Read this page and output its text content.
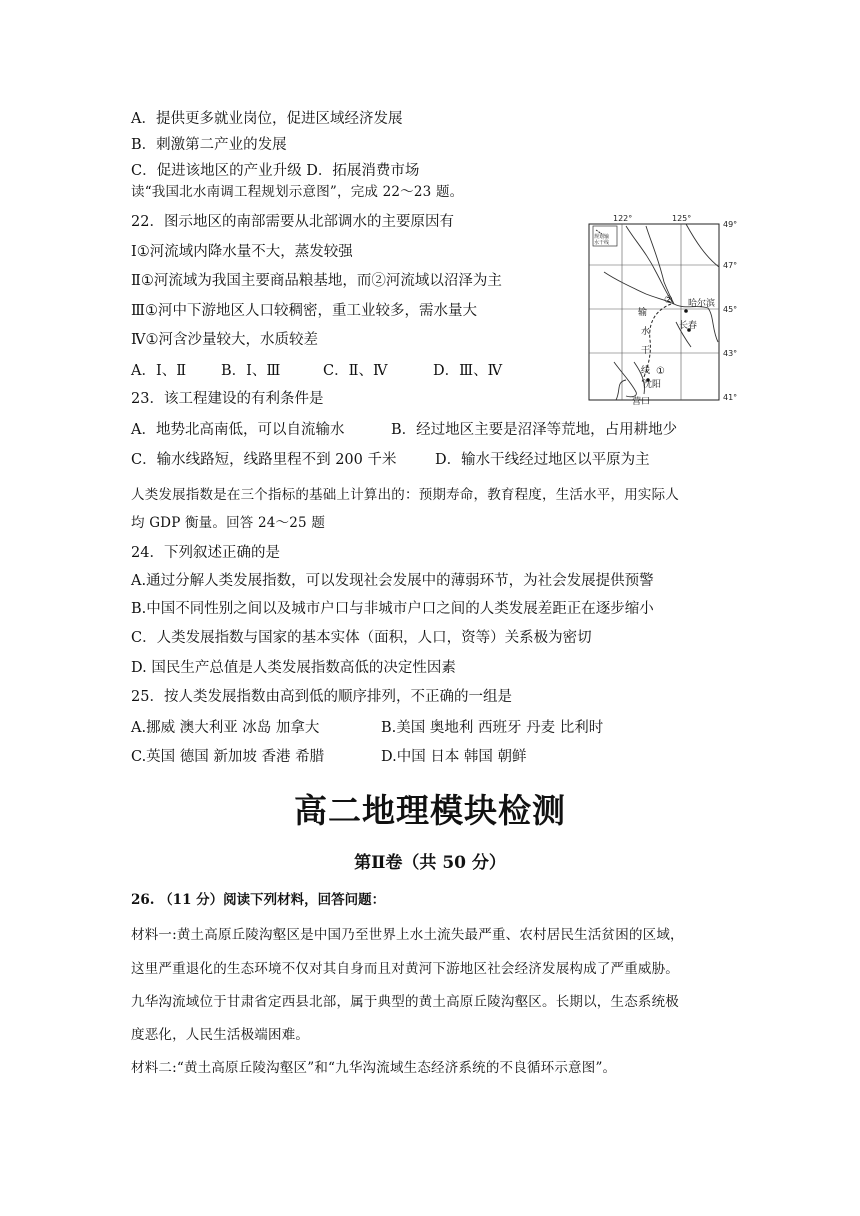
A．提供更多就业岗位，促进区域经济发展
B．刺激第二产业的发展
C．促进该地区的产业升级 D．拓展消费市场
读“我国北水南调工程规划示意图”，完成 22～23 题。
22．图示地区的南部需要从北部调水的主要原因有
Ⅰ①河流域内降水量不大，蒸发较强
Ⅱ①河流域为我国主要商品粮基地，而②河流域以沼泽为主
Ⅲ①河中下游地区人口较稠密，重工业较多，需水量大
Ⅳ①河含沙量较大，水质较差
A．Ⅰ、Ⅱ B．Ⅰ、Ⅲ	C．Ⅱ、Ⅳ	D．Ⅲ、Ⅳ
122°	125°
49°
47°
45°
43°
41°
规划输
水干线
哈尔滨
长春
沈阳
营口
输
水
干
线
②
①
23．该工程建设的有利条件是
A．地势北高南低，可以自流输水	B．经过地区主要是沼泽等荒地，占用耕地少
C．输水线路短，线路里程不到 200 千米	D．输水干线经过地区以平原为主
人类发展指数是在三个指标的基础上计算出的：预期寿命，教育程度，生活水平，用实际人
均 GDP 衡量。回答 24～25 题
24．下列叙述正确的是
A.通过分解人类发展指数，可以发现社会发展中的薄弱环节，为社会发展提供预警
B.中国不同性别之间以及城市户口与非城市户口之间的人类发展差距正在逐步缩小
C．人类发展指数与国家的基本实体（面积，人口，资等）关系极为密切
D. 国民生产总值是人类发展指数高低的决定性因素
25．按人类发展指数由高到低的顺序排列，不正确的一组是
A.挪威 澳大利亚 冰岛 加拿大	B.美国 奥地利 西班牙 丹麦 比利时
C.英国 德国 新加坡 香港 希腊	D.中国 日本 韩国 朝鲜
高二地理模块检测
第Ⅱ卷（共 50 分）
26. （11 分）阅读下列材料，回答问题：
材料一:黄土高原丘陵沟壑区是中国乃至世界上水土流失最严重、农村居民生活贫困的区域，
这里严重退化的生态环境不仅对其自身而且对黄河下游地区社会经济发展构成了严重威胁。
九华沟流域位于甘肃省定西县北部，属于典型的黄土高原丘陵沟壑区。长期以，生态系统极
度恶化，人民生活极端困难。
材料二:“黄土高原丘陵沟壑区”和“九华沟流域生态经济系统的不良循环示意图”。
